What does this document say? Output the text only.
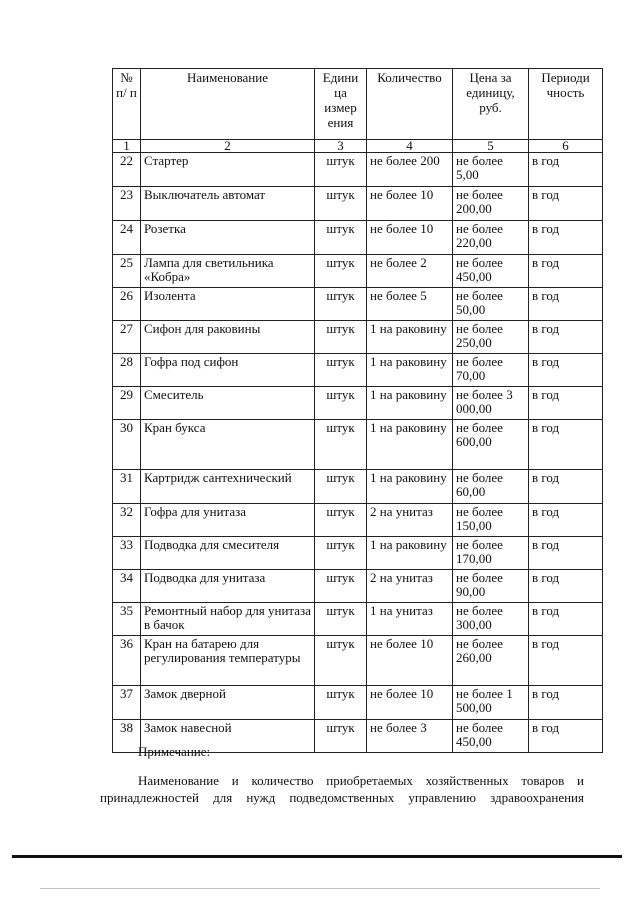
№ п/ п	Наименование	Едини ца измер ения	Количество	Цена за единицу, руб.	Периоди чность
1	2	3	4	5	6
22	Стартер	штук	не более 200	не более 5,00	в год
23	Выключатель автомат	штук	не более 10	не более 200,00	в год
24	Розетка	штук	не более 10	не более 220,00	в год
25	Лампа для светильника «Кобра»	штук	не более 2	не более 450,00	в год
26	Изолента	штук	не более 5	не более 50,00	в год
27	Сифон для раковины	штук	1 на раковину	не более 250,00	в год
28	Гофра под сифон	штук	1 на раковину	не более 70,00	в год
29	Смеситель	штук	1 на раковину	не более 3 000,00	в год
30	Кран букса	штук	1 на раковину	не более 600,00	в год
31	Картридж сантехнический	штук	1 на раковину	не более 60,00	в год
32	Гофра для унитаза	штук	2 на унитаз	не более 150,00	в год
33	Подводка для смесителя	штук	1 на раковину	не более 170,00	в год
34	Подводка для унитаза	штук	2 на унитаз	не более 90,00	в год
35	Ремонтный набор для унитаза в бачок	штук	1 на унитаз	не более 300,00	в год
36	Кран на батарею для регулирования температуры	штук	не более 10	не более 260,00	в год
37	Замок дверной	штук	не более 10	не более 1 500,00	в год
38	Замок навесной	штук	не более 3	не более 450,00	в год
Примечание:
Наименование и количество приобретаемых хозяйственных товаров и
принадлежностей для нужд подведомственных управлению здравоохранения
